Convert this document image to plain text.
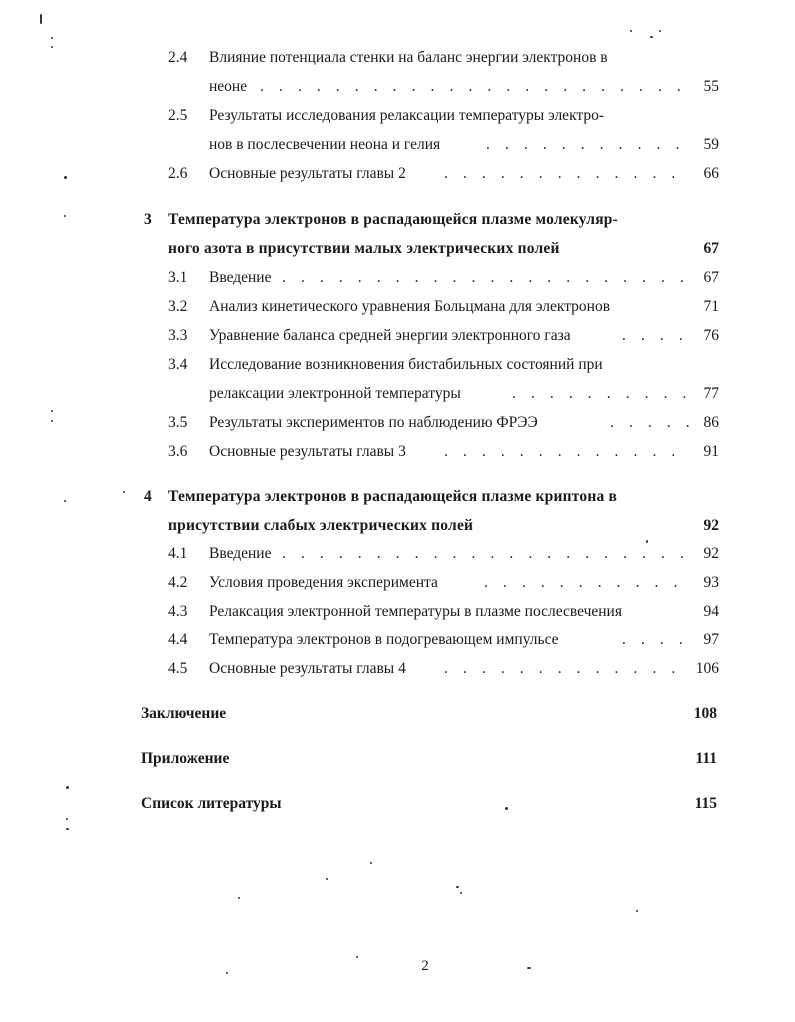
2.4 Влияние потенциала стенки на баланс энергии электронов в
неоне . . .	55
2.5 Результаты исследования релаксации температуры электро-
нов в послесвечении неона и гелия . . .	59
2.6 Основные результаты главы 2 . . .	66
3 Температура электронов в распадающейся плазме молекуляр-
ного азота в присутствии малых электрических полей	67
3.1 Введение . . .	67
3.2 Анализ кинетического уравнения Больцмана для электронов	71
3.3 Уравнение баланса средней энергии электронного газа . . .	76
3.4 Исследование возникновения бистабильных состояний при
релаксации электронной температуры . . .	77
3.5 Результаты экспериментов по наблюдению ФРЭЭ . . .	86
3.6 Основные результаты главы 3 . . .	91
4 Температура электронов в распадающейся плазме криптона в
присутствии слабых электрических полей	92
4.1 Введение . . .	92
4.2 Условия проведения эксперимента . . .	93
4.3 Релаксация электронной температуры в плазме послесвечения	94
4.4 Температура электронов в подогревающем импульсе . . .	97
4.5 Основные результаты главы 4 . . .	106
Заключение	108
Приложение	111
Список литературы	115
2
